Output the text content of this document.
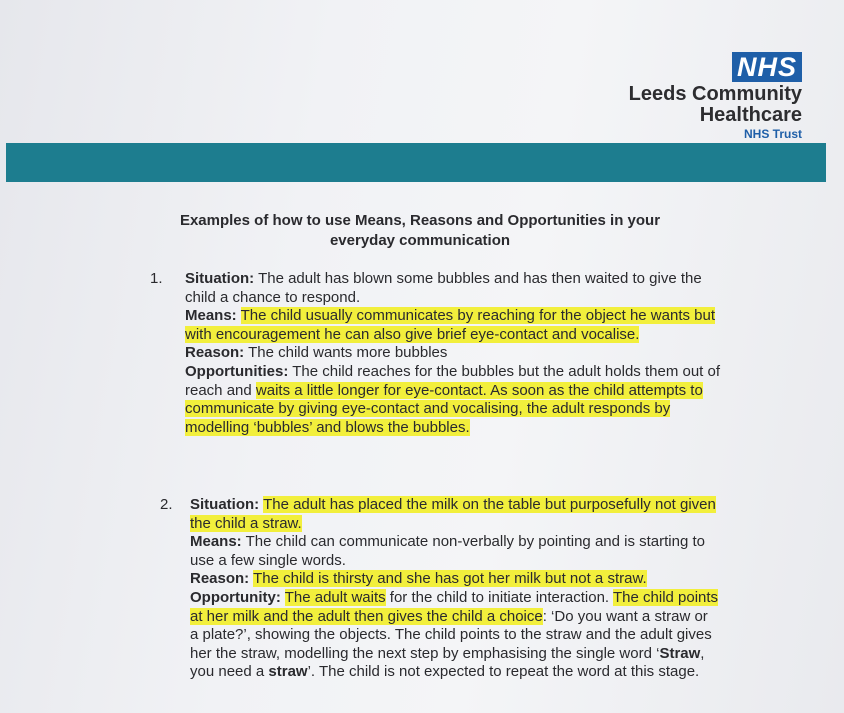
NHS
Leeds Community
Healthcare
NHS Trust
Examples of how to use Means, Reasons and Opportunities in your
everyday communication
1. Situation: The adult has blown some bubbles and has then waited to give the child a chance to respond.

Means: The child usually communicates by reaching for the object he wants but with encouragement he can also give brief eye-contact and vocalise.

Reason: The child wants more bubbles

Opportunities: The child reaches for the bubbles but the adult holds them out of reach and waits a little longer for eye-contact. As soon as the child attempts to communicate by giving eye-contact and vocalising, the adult responds by modelling ‘bubbles’ and blows the bubbles.

2. Situation: The adult has placed the milk on the table but purposefully not given the child a straw.

Means: The child can communicate non-verbally by pointing and is starting to use a few single words.

Reason: The child is thirsty and she has got her milk but not a straw.

Opportunity: The adult waits for the child to initiate interaction. The child points at her milk and the adult then gives the child a choice: ‘Do you want a straw or a plate?’, showing the objects. The child points to the straw and the adult gives her the straw, modelling the next step by emphasising the single word ‘Straw, you need a straw’. The child is not expected to repeat the word at this stage.
